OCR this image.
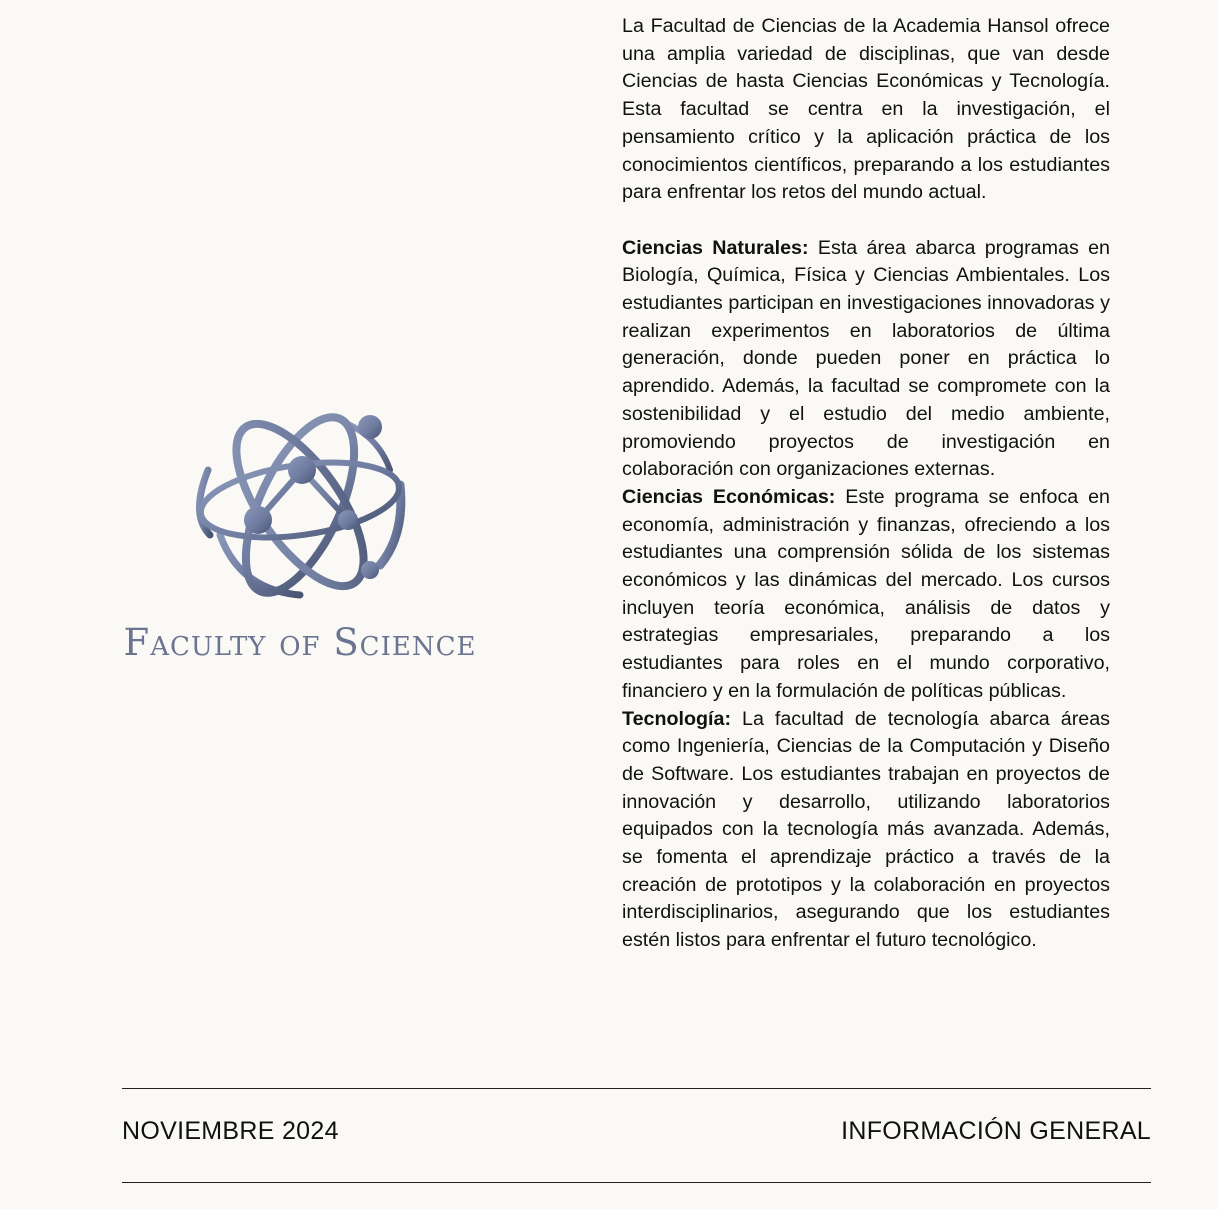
Faculty of Science

La Facultad de Ciencias de la Academia Hansol ofrece una amplia variedad de disciplinas, que van desde Ciencias de hasta Ciencias Económicas y Tecnología. Esta facultad se centra en la investigación, el pensamiento crítico y la aplicación práctica de los conocimientos científicos, preparando a los estudiantes para enfrentar los retos del mundo actual.

Ciencias Naturales: Esta área abarca programas en Biología, Química, Física y Ciencias Ambientales. Los estudiantes participan en investigaciones innovadoras y realizan experimentos en laboratorios de última generación, donde pueden poner en práctica lo aprendido. Además, la facultad se compromete con la sostenibilidad y el estudio del medio ambiente, promoviendo proyectos de investigación en colaboración con organizaciones externas.

Ciencias Económicas: Este programa se enfoca en economía, administración y finanzas, ofreciendo a los estudiantes una comprensión sólida de los sistemas económicos y las dinámicas del mercado. Los cursos incluyen teoría económica, análisis de datos y estrategias empresariales, preparando a los estudiantes para roles en el mundo corporativo, financiero y en la formulación de políticas públicas.

Tecnología: La facultad de tecnología abarca áreas como Ingeniería, Ciencias de la Computación y Diseño de Software. Los estudiantes trabajan en proyectos de innovación y desarrollo, utilizando laboratorios equipados con la tecnología más avanzada. Además, se fomenta el aprendizaje práctico a través de la creación de prototipos y la colaboración en proyectos interdisciplinarios, asegurando que los estudiantes estén listos para enfrentar el futuro tecnológico.

NOVIEMBRE 2024	INFORMACIÓN GENERAL
